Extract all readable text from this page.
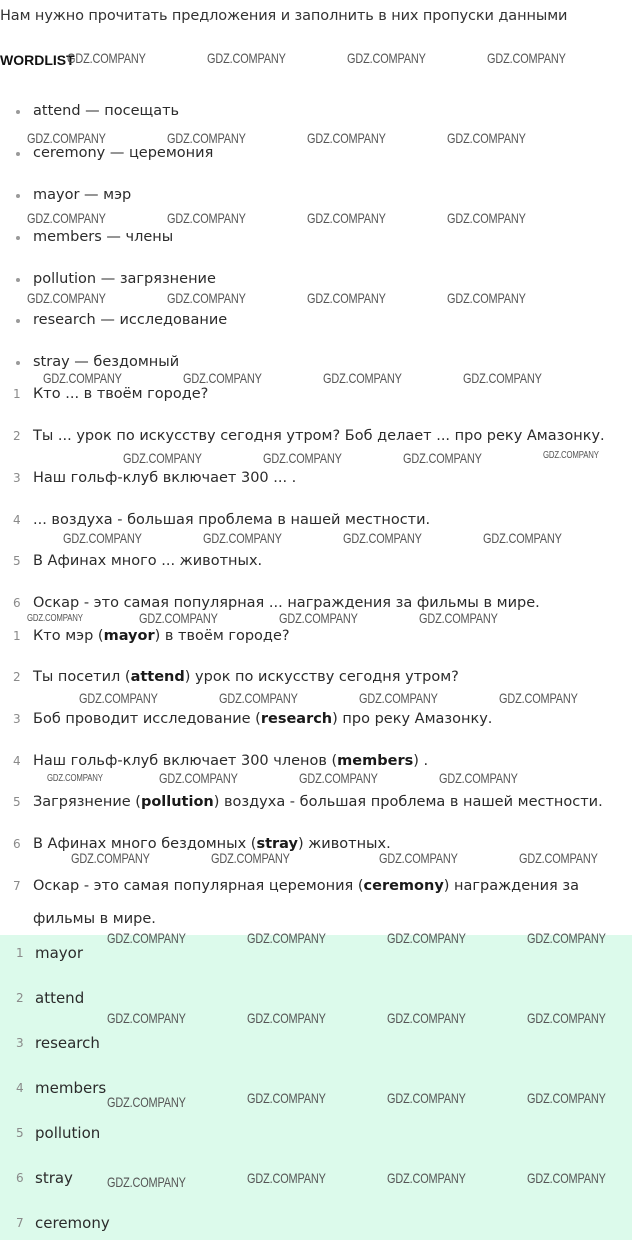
Нам нужно прочитать предложения и заполнить в них пропуски данными
WORDLIST
attend — посещать
ceremony — церемония
mayor — мэр
members — члены
pollution — загрязнение
research — исследование
stray — бездомный
1 Кто ... в твоём городе?
2 Ты ... урок по искусству сегодня утром? Боб делает ... про реку Амазонку.
3 Наш гольф-клуб включает 300 ... .
4 ... воздуха - большая проблема в нашей местности.
5 В Афинах много ... животных.
6 Оскар - это самая популярная ... награждения за фильмы в мире.
1 Кто мэр (mayor) в твоём городе?
2 Ты посетил (attend) урок по искусству сегодня утром?
3 Боб проводит исследование (research) про реку Амазонку.
4 Наш гольф-клуб включает 300 членов (members) .
5 Загрязнение (pollution) воздуха - большая проблема в нашей местности.
6 В Афинах много бездомных (stray) животных.
7 Оскар - это самая популярная церемония (ceremony) награждения за
фильмы в мире.
1 mayor
2 attend
3 research
4 members
5 pollution
6 stray
7 ceremony
GDZ.COMPANY	GDZ.COMPANY	GDZ.COMPANY	GDZ.COMPANY
GDZ.COMPANY	GDZ.COMPANY	GDZ.COMPANY	GDZ.COMPANY
GDZ.COMPANY	GDZ.COMPANY	GDZ.COMPANY	GDZ.COMPANY
GDZ.COMPANY	GDZ.COMPANY	GDZ.COMPANY	GDZ.COMPANY
GDZ.COMPANY	GDZ.COMPANY	GDZ.COMPANY	GDZ.COMPANY
GDZ.COMPANY	GDZ.COMPANY	GDZ.COMPANY	GDZ.COMPANY
GDZ.COMPANY	GDZ.COMPANY	GDZ.COMPANY	GDZ.COMPANY
GDZ.COMPANY	GDZ.COMPANY	GDZ.COMPANY	GDZ.COMPANY
GDZ.COMPANY	GDZ.COMPANY	GDZ.COMPANY	GDZ.COMPANY
GDZ.COMPANY	GDZ.COMPANY	GDZ.COMPANY	GDZ.COMPANY
GDZ.COMPANY	GDZ.COMPANY	GDZ.COMPANY	GDZ.COMPANY
GDZ.COMPANY	GDZ.COMPANY	GDZ.COMPANY	GDZ.COMPANY
GDZ.COMPANY	GDZ.COMPANY	GDZ.COMPANY	GDZ.COMPANY
GDZ.COMPANY	GDZ.COMPANY	GDZ.COMPANY	GDZ.COMPANY
GDZ.COMPANY	GDZ.COMPANY	GDZ.COMPANY	GDZ.COMPANY
